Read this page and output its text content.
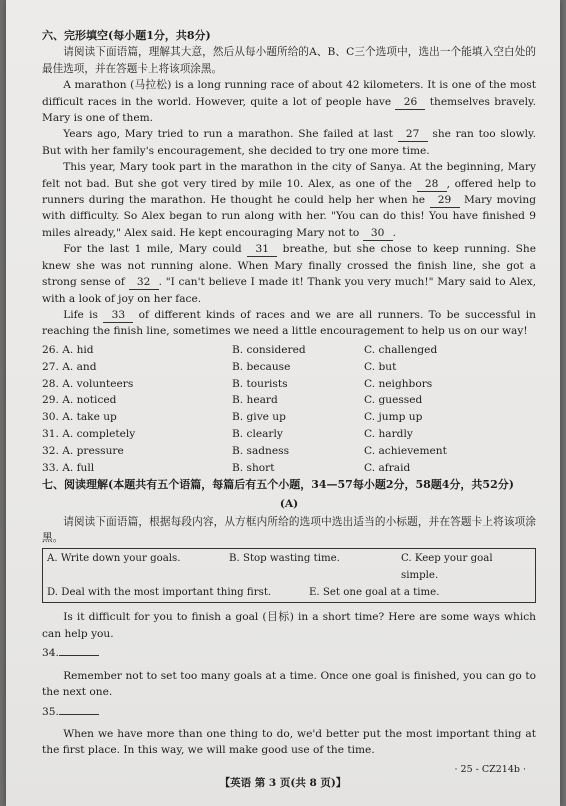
六、完形填空(每小题1分，共8分)

请阅读下面语篇，理解其大意，然后从每小题所给的A、B、C三个选项中，选出一个能填入空白处的最佳选项，并在答题卡上将该项涂黑。

A marathon (马拉松) is a long running race of about 42 kilometers. It is one of the most difficult races in the world. However, quite a lot of people have 26 themselves bravely. Mary is one of them.

Years ago, Mary tried to run a marathon. She failed at last 27 she ran too slowly. But with her family's encouragement, she decided to try one more time.

This year, Mary took part in the marathon in the city of Sanya. At the beginning, Mary felt not bad. But she got very tired by mile 10. Alex, as one of the 28 , offered help to runners during the marathon. He thought he could help her when he 29 Mary moving with difficulty. So Alex began to run along with her. "You can do this! You have finished 9 miles already," Alex said. He kept encouraging Mary not to 30 .

For the last 1 mile, Mary could 31 breathe, but she chose to keep running. She knew she was not running alone. When Mary finally crossed the finish line, she got a strong sense of 32 . "I can't believe I made it! Thank you very much!" Mary said to Alex, with a look of joy on her face.

Life is 33 of different kinds of races and we are all runners. To be successful in reaching the finish line, sometimes we need a little encouragement to help us on our way!

26. A. hid	B. considered	C. challenged
27. A. and	B. because	C. but
28. A. volunteers	B. tourists	C. neighbors
29. A. noticed	B. heard	C. guessed
30. A. take up	B. give up	C. jump up
31. A. completely	B. clearly	C. hardly
32. A. pressure	B. sadness	C. achievement
33. A. full	B. short	C. afraid
七、阅读理解(本题共有五个语篇，每篇后有五个小题，34—57每小题2分，58题4分，共52分)
(A)

请阅读下面语篇，根据每段内容，从方框内所给的选项中选出适当的小标题，并在答题卡上将该项涂黑。

A. Write down your goals.	B. Stop wasting time.	C. Keep your goal simple.
D. Deal with the most important thing first.	E. Set one goal at a time.

Is it difficult for you to finish a goal (目标) in a short time? Here are some ways which can help you.

34.

Remember not to set too many goals at a time. Once one goal is finished, you can go to the next one.

35.

When we have more than one thing to do, we'd better put the most important thing at the first place. In this way, we will make good use of the time.

· 25 - CZ214b ·
【英语 第 3 页(共 8 页)】
